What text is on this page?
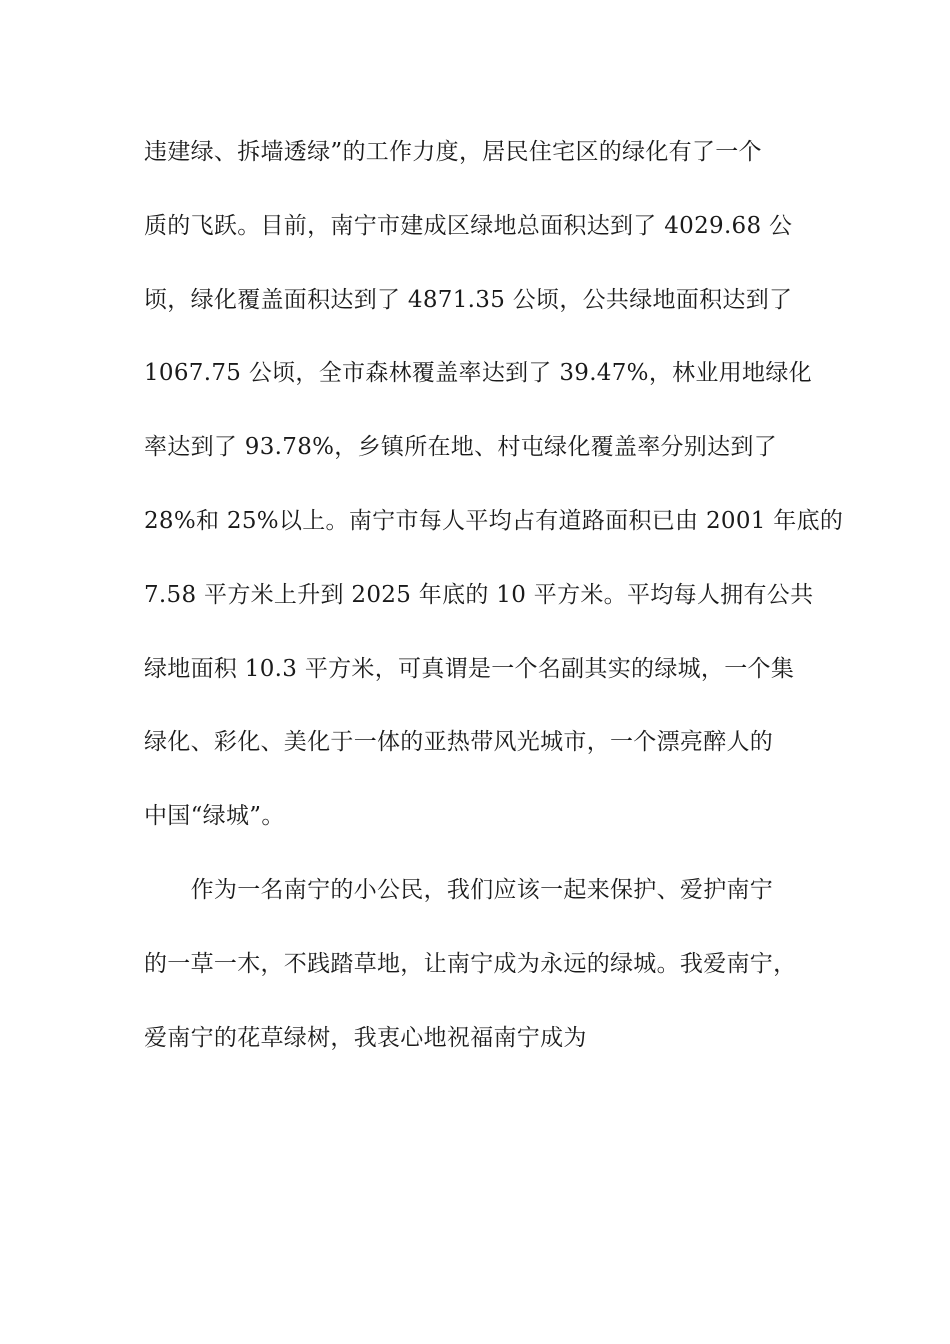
违建绿、拆墙透绿”的工作力度，居民住宅区的绿化有了一个
质的飞跃。目前，南宁市建成区绿地总面积达到了 4029.68 公
顷，绿化覆盖面积达到了 4871.35 公顷，公共绿地面积达到了
1067.75 公顷，全市森林覆盖率达到了 39.47%，林业用地绿化
率达到了 93.78%，乡镇所在地、村屯绿化覆盖率分别达到了
28%和 25%以上。南宁市每人平均占有道路面积已由 2001 年底的
7.58 平方米上升到 2025 年底的 10 平方米。平均每人拥有公共
绿地面积 10.3 平方米，可真谓是一个名副其实的绿城，一个集
绿化、彩化、美化于一体的亚热带风光城市，一个漂亮醉人的
中国“绿城”。
　　作为一名南宁的小公民，我们应该一起来保护、爱护南宁
的一草一木，不践踏草地，让南宁成为永远的绿城。我爱南宁，
爱南宁的花草绿树，我衷心地祝福南宁成为
